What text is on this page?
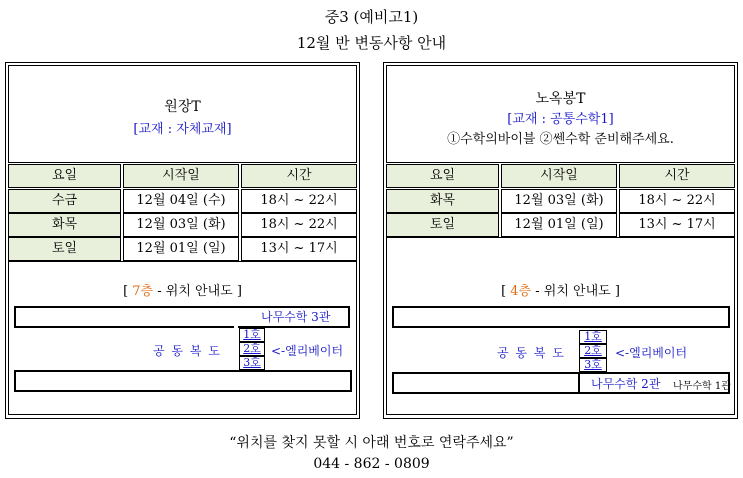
중3 (예비고1)
12월 반 변동사항 안내
원장T
[교재 : 자체교재]
요일	시작일	시간
수금	12월 04일 (수)	18시 ~ 22시
화목	12월 03일 (화)	18시 ~ 22시
토일	12월 01일 (일)	13시 ~ 17시
[ 7층 - 위치 안내도 ]
나무수학 3관
1호
2호
3호
<-엘리베이터
공 동 복 도
노옥봉T
[교재 : 공통수학1]
①수학의바이블 ②쎈수학 준비해주세요.
요일	시작일	시간
화목	12월 03일 (화)	18시 ~ 22시
토일	12월 01일 (일)	13시 ~ 17시
[ 4층 - 위치 안내도 ]
1호
2호
3호
<-엘리베이터
공 동 복 도
나무수학 2관 나무수학 1관
“위치를 찾지 못할 시 아래 번호로 연락주세요”
044 - 862 - 0809
